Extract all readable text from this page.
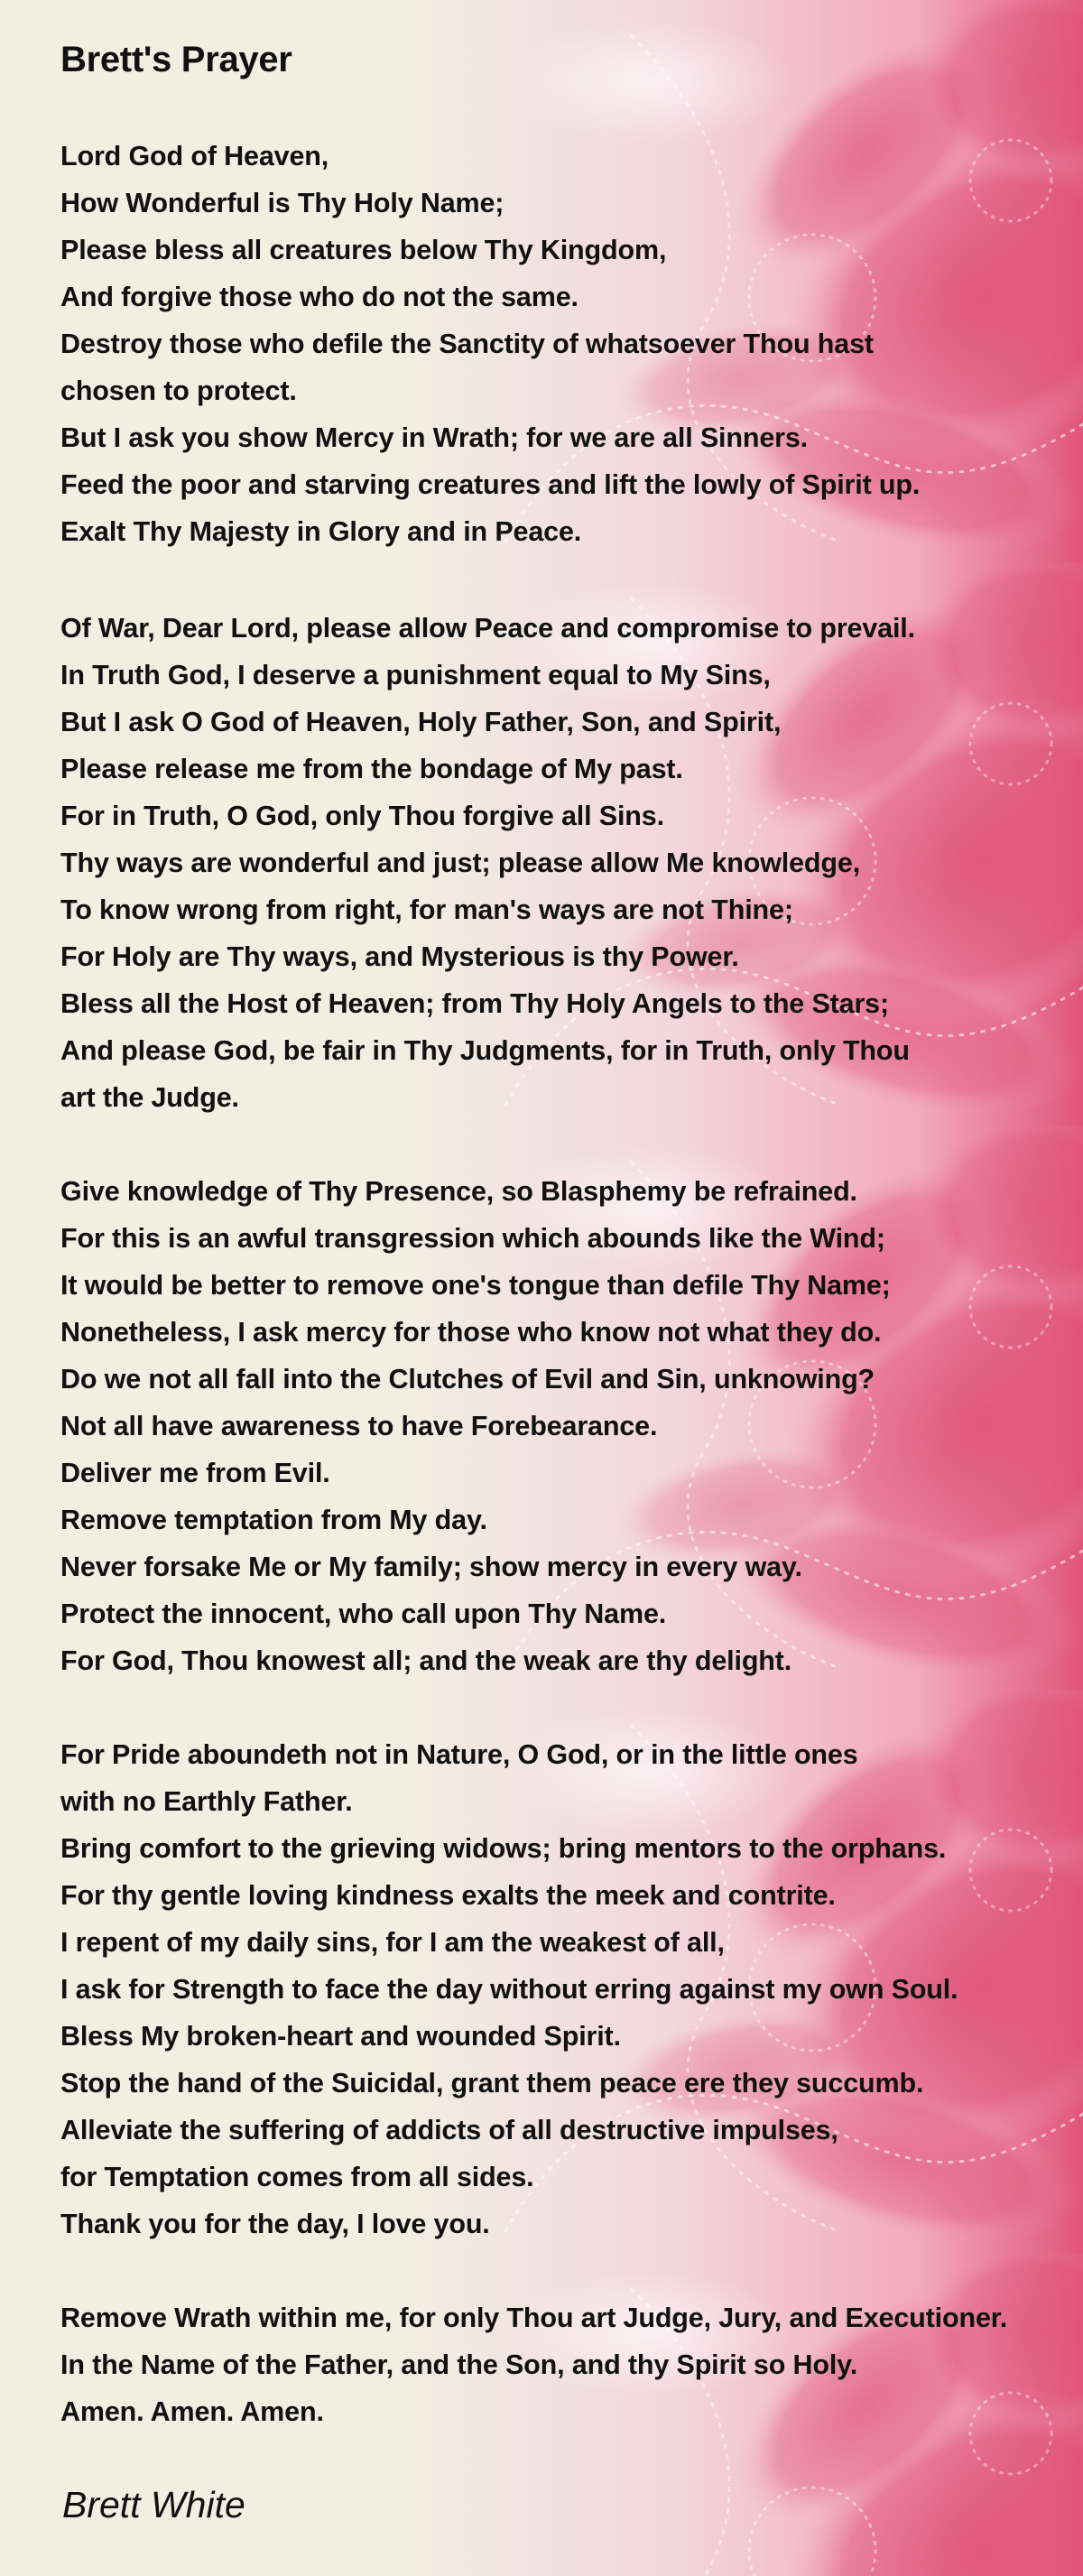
Brett's Prayer
Lord God of Heaven,
How Wonderful is Thy Holy Name;
Please bless all creatures below Thy Kingdom,
And forgive those who do not the same.
Destroy those who defile the Sanctity of whatsoever Thou hast
chosen to protect.
But I ask you show Mercy in Wrath; for we are all Sinners.
Feed the poor and starving creatures and lift the lowly of Spirit up.
Exalt Thy Majesty in Glory and in Peace.
Of War, Dear Lord, please allow Peace and compromise to prevail.
In Truth God, I deserve a punishment equal to My Sins,
But I ask O God of Heaven, Holy Father, Son, and Spirit,
Please release me from the bondage of My past.
For in Truth, O God, only Thou forgive all Sins.
Thy ways are wonderful and just; please allow Me knowledge,
To know wrong from right, for man's ways are not Thine;
For Holy are Thy ways, and Mysterious is thy Power.
Bless all the Host of Heaven; from Thy Holy Angels to the Stars;
And please God, be fair in Thy Judgments, for in Truth, only Thou
art the Judge.
Give knowledge of Thy Presence, so Blasphemy be refrained.
For this is an awful transgression which abounds like the Wind;
It would be better to remove one's tongue than defile Thy Name;
Nonetheless, I ask mercy for those who know not what they do.
Do we not all fall into the Clutches of Evil and Sin, unknowing?
Not all have awareness to have Forebearance.
Deliver me from Evil.
Remove temptation from My day.
Never forsake Me or My family; show mercy in every way.
Protect the innocent, who call upon Thy Name.
For God, Thou knowest all; and the weak are thy delight.
For Pride aboundeth not in Nature, O God, or in the little ones
with no Earthly Father.
Bring comfort to the grieving widows; bring mentors to the orphans.
For thy gentle loving kindness exalts the meek and contrite.
I repent of my daily sins, for I am the weakest of all,
I ask for Strength to face the day without erring against my own Soul.
Bless My broken-heart and wounded Spirit.
Stop the hand of the Suicidal, grant them peace ere they succumb.
Alleviate the suffering of addicts of all destructive impulses,
for Temptation comes from all sides.
Thank you for the day, I love you.
Remove Wrath within me, for only Thou art Judge, Jury, and Executioner.
In the Name of the Father, and the Son, and thy Spirit so Holy.
Amen. Amen. Amen.
Brett White
